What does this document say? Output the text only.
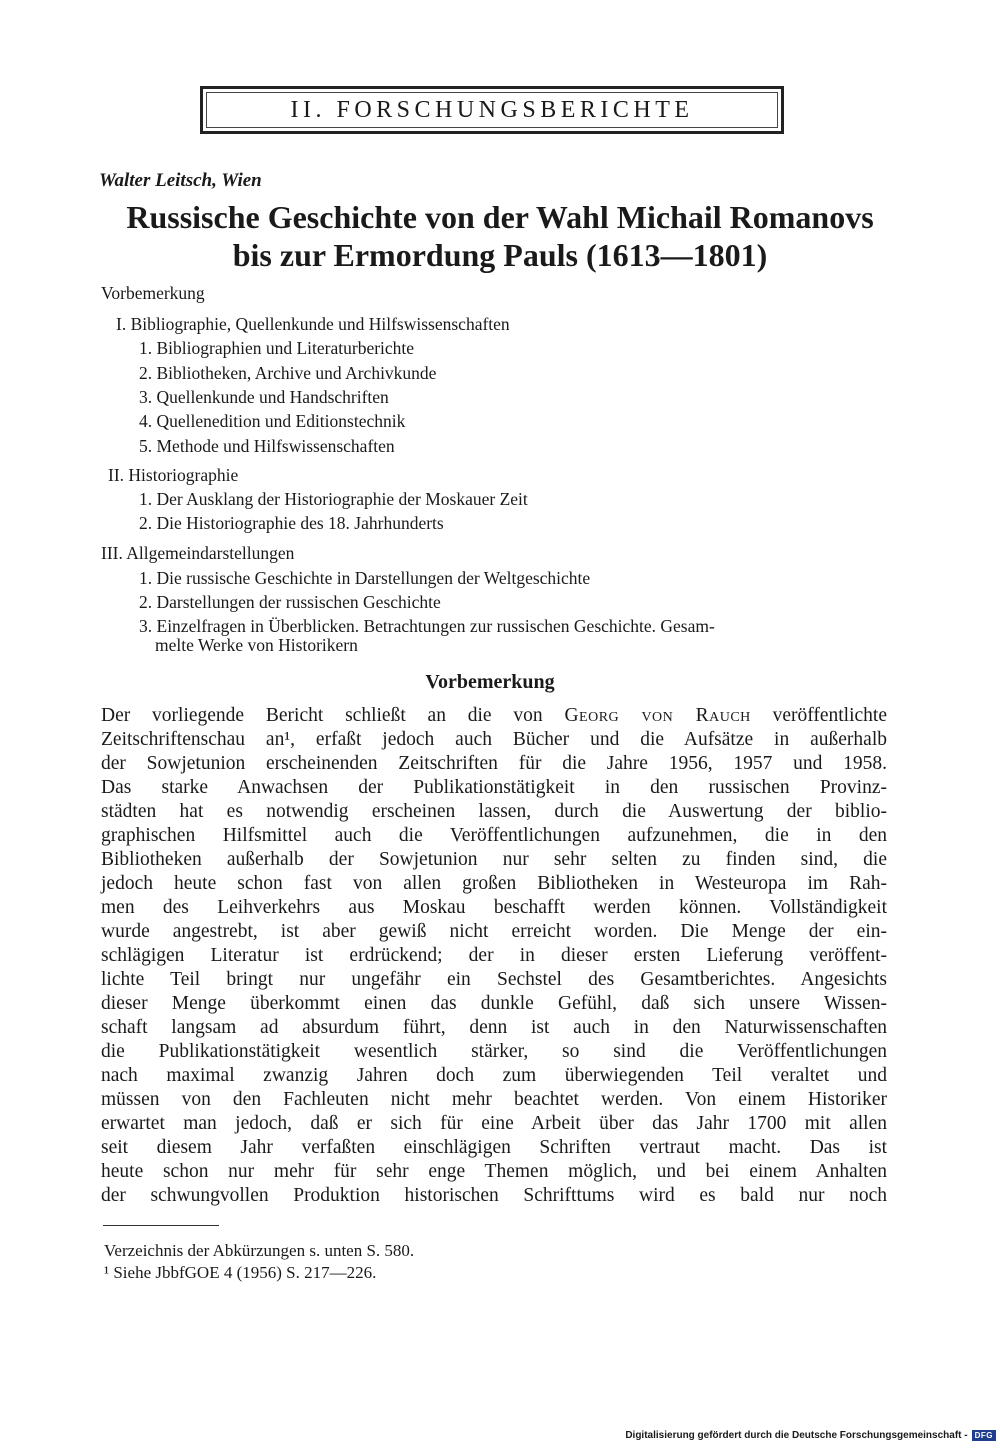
II. FORSCHUNGSBERICHTE
Walter Leitsch, Wien
Russische Geschichte von der Wahl Michail Romanovs
bis zur Ermordung Pauls (1613—1801)
Vorbemerkung
I. Bibliographie, Quellenkunde und Hilfswissenschaften
1. Bibliographien und Literaturberichte
2. Bibliotheken, Archive und Archivkunde
3. Quellenkunde und Handschriften
4. Quellenedition und Editionstechnik
5. Methode und Hilfswissenschaften
II. Historiographie
1. Der Ausklang der Historiographie der Moskauer Zeit
2. Die Historiographie des 18. Jahrhunderts
III. Allgemeindarstellungen
1. Die russische Geschichte in Darstellungen der Weltgeschichte
2. Darstellungen der russischen Geschichte
3. Einzelfragen in Überblicken. Betrachtungen zur russischen Geschichte. Gesam-
melte Werke von Historikern
Vorbemerkung
Der vorliegende Bericht schließt an die von Georg von Rauch veröffentlichte
Zeitschriftenschau an¹, erfaßt jedoch auch Bücher und die Aufsätze in außerhalb
der Sowjetunion erscheinenden Zeitschriften für die Jahre 1956, 1957 und 1958.
Das starke Anwachsen der Publikationstätigkeit in den russischen Provinz-
städten hat es notwendig erscheinen lassen, durch die Auswertung der biblio-
graphischen Hilfsmittel auch die Veröffentlichungen aufzunehmen, die in den
Bibliotheken außerhalb der Sowjetunion nur sehr selten zu finden sind, die
jedoch heute schon fast von allen großen Bibliotheken in Westeuropa im Rah-
men des Leihverkehrs aus Moskau beschafft werden können. Vollständigkeit
wurde angestrebt, ist aber gewiß nicht erreicht worden. Die Menge der ein-
schlägigen Literatur ist erdrückend; der in dieser ersten Lieferung veröffent-
lichte Teil bringt nur ungefähr ein Sechstel des Gesamtberichtes. Angesichts
dieser Menge überkommt einen das dunkle Gefühl, daß sich unsere Wissen-
schaft langsam ad absurdum führt, denn ist auch in den Naturwissenschaften
die Publikationstätigkeit wesentlich stärker, so sind die Veröffentlichungen
nach maximal zwanzig Jahren doch zum überwiegenden Teil veraltet und
müssen von den Fachleuten nicht mehr beachtet werden. Von einem Historiker
erwartet man jedoch, daß er sich für eine Arbeit über das Jahr 1700 mit allen
seit diesem Jahr verfaßten einschlägigen Schriften vertraut macht. Das ist
heute schon nur mehr für sehr enge Themen möglich, und bei einem Anhalten
der schwungvollen Produktion historischen Schrifttums wird es bald nur noch
Verzeichnis der Abkürzungen s. unten S. 580.
¹ Siehe JbbfGOE 4 (1956) S. 217—226.
Digitalisierung gefördert durch die Deutsche Forschungsgemeinschaft - DFG
